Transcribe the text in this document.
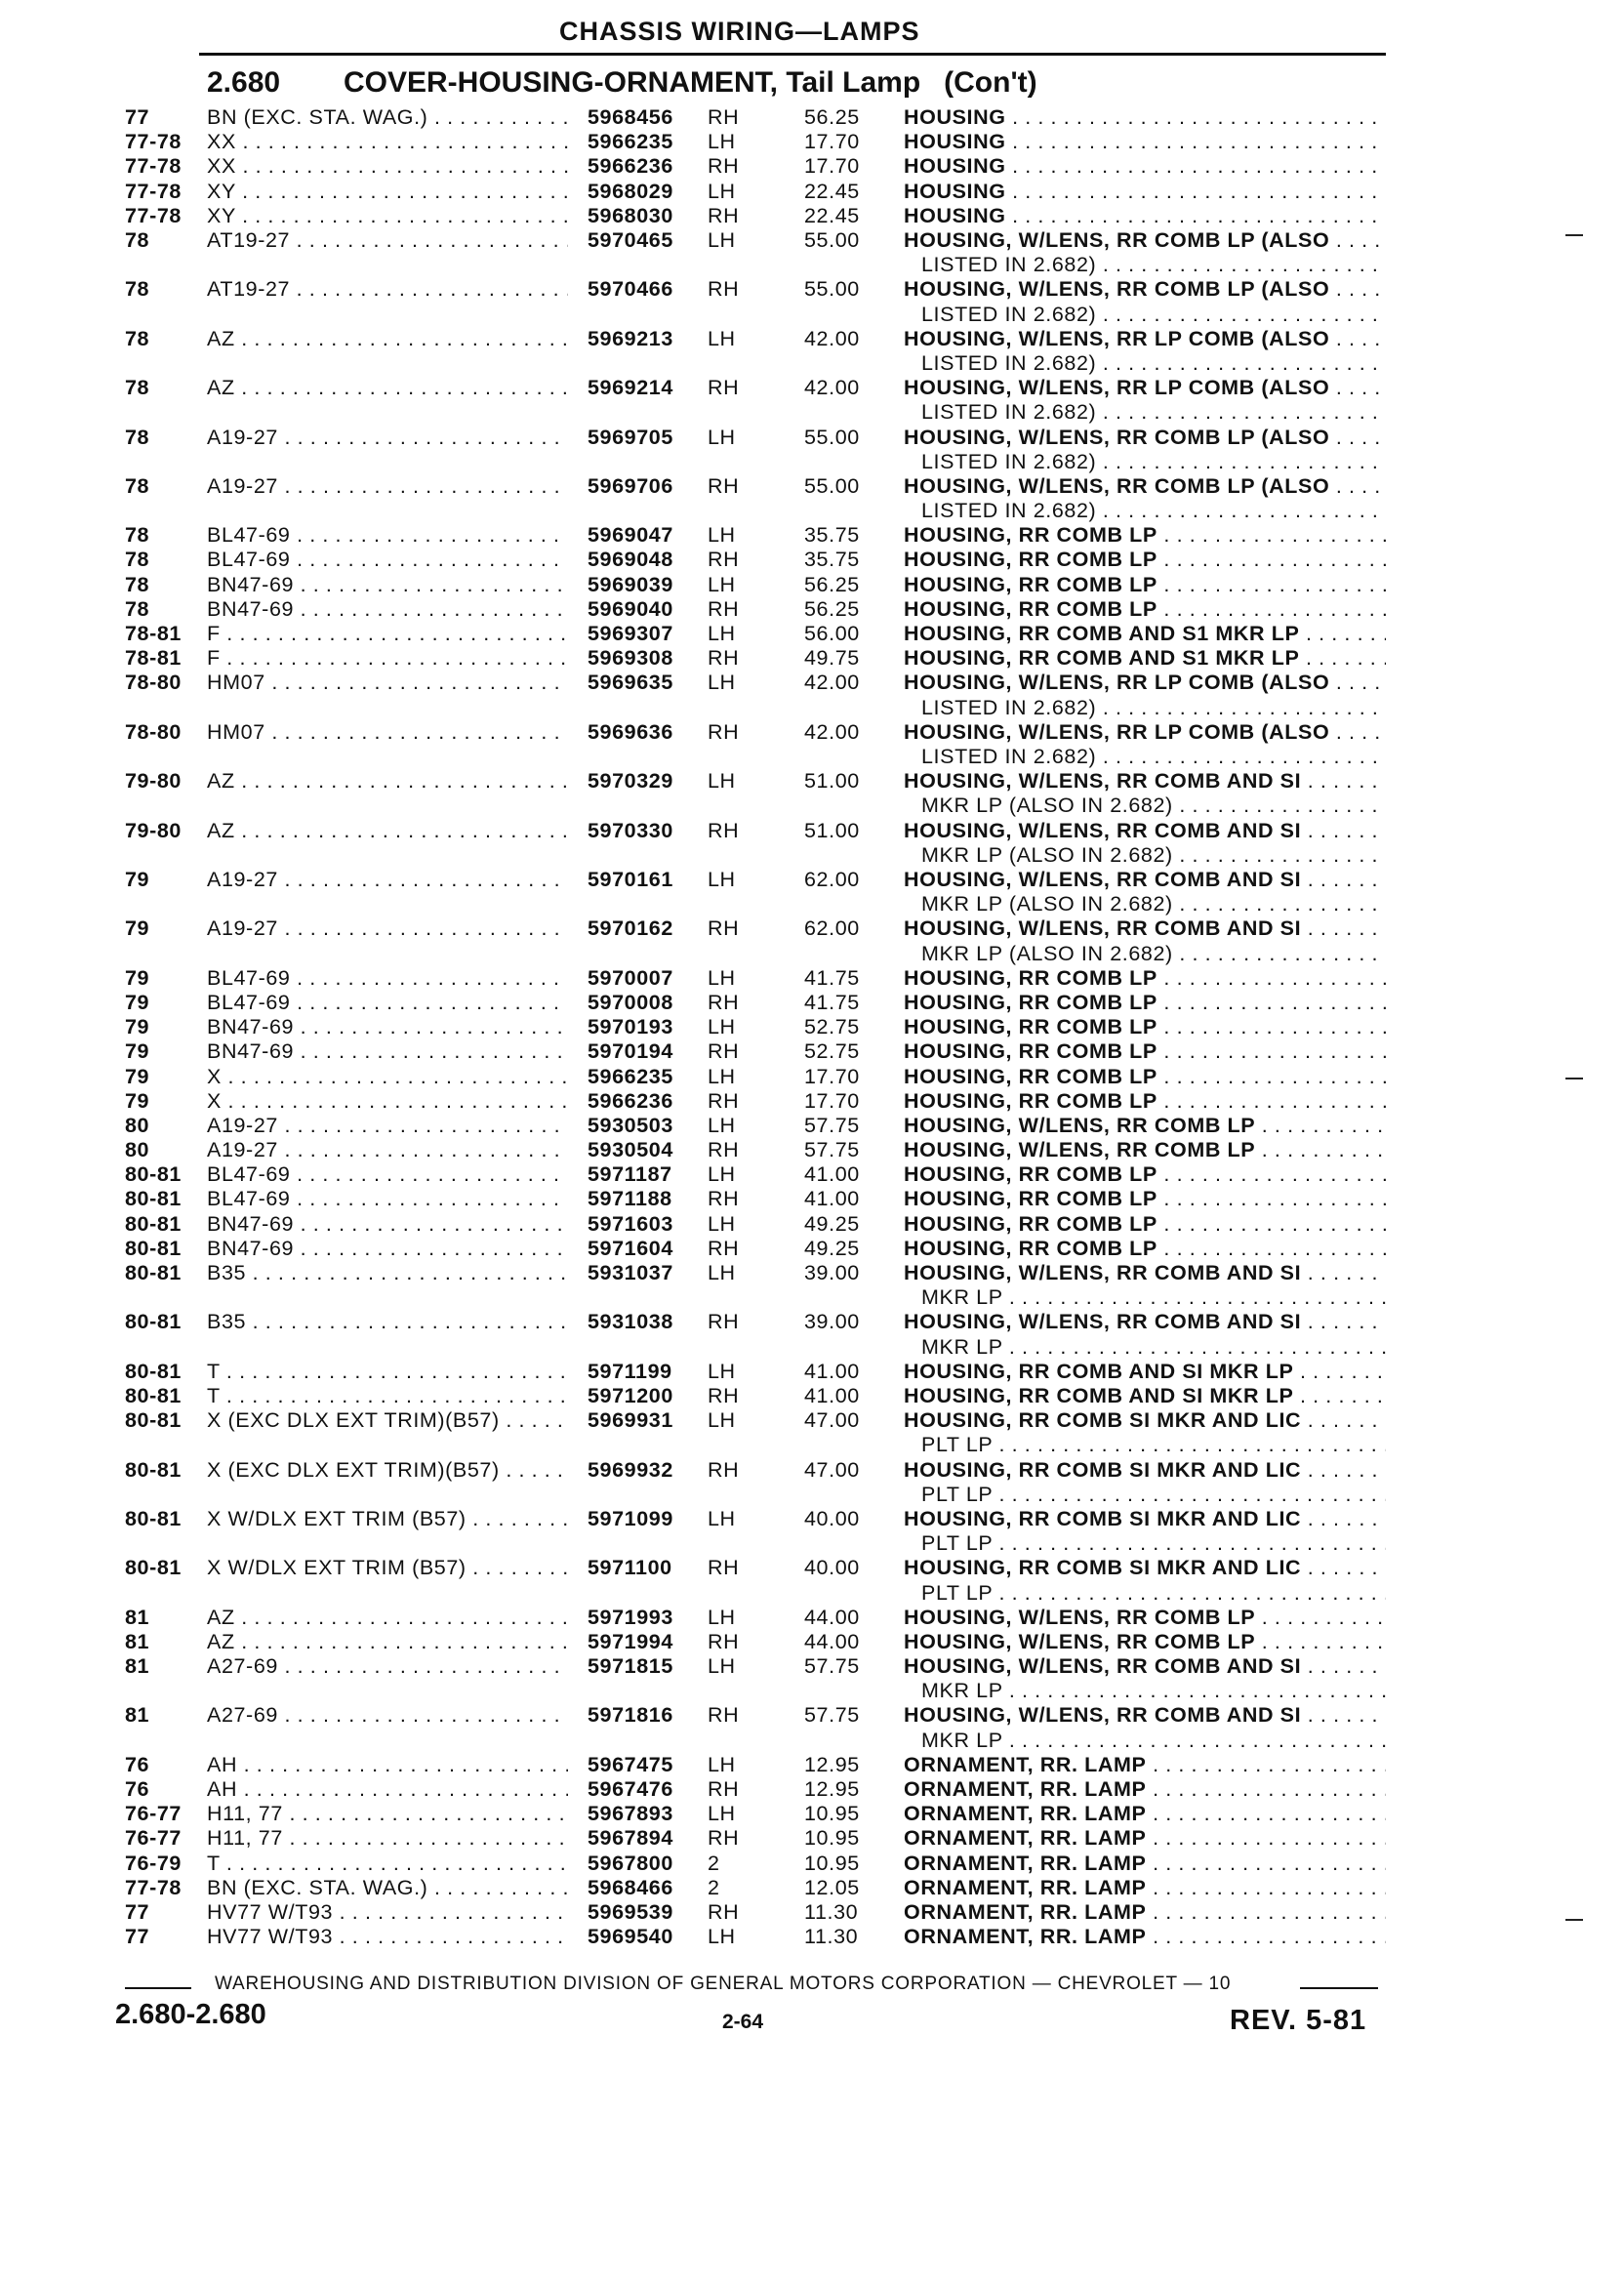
CHASSIS WIRING—LAMPS
2.680 COVER-HOUSING-ORNAMENT, Tail Lamp (Con't)
77	BN (EXC. STA. WAG.) . . .	5968456 RH	56.25 HOUSING . . .
77-78 XX . . .	5966235 LH	17.70 HOUSING . . .
77-78 XX . . .	5966236 RH	17.70 HOUSING . . .
77-78 XY . . .	5968029 LH	22.45 HOUSING . . .
77-78 XY . . .	5968030 RH	22.45 HOUSING . . .
78	AT19-27 . . .	5970465 LH	55.00 HOUSING, W/LENS, RR COMB LP (ALSO . . .
LISTED IN 2.682) . . .
78	AT19-27 . . .	5970466 RH	55.00 HOUSING, W/LENS, RR COMB LP (ALSO . . .
LISTED IN 2.682) . . .
78	AZ . . .	5969213 LH	42.00 HOUSING, W/LENS, RR LP COMB (ALSO . . .
LISTED IN 2.682) . . .
78	AZ . . .	5969214 RH	42.00 HOUSING, W/LENS, RR LP COMB (ALSO . . .
LISTED IN 2.682) . . .
78	A19-27 . . .	5969705 LH	55.00 HOUSING, W/LENS, RR COMB LP (ALSO . . .
LISTED IN 2.682) . . .
78	A19-27 . . .	5969706 RH	55.00 HOUSING, W/LENS, RR COMB LP (ALSO . . .
LISTED IN 2.682) . . .
78	BL47-69 . . .	5969047 LH	35.75 HOUSING, RR COMB LP . . .
78	BL47-69 . . .	5969048 RH	35.75 HOUSING, RR COMB LP . . .
78	BN47-69 . . .	5969039 LH	56.25 HOUSING, RR COMB LP . . .
78	BN47-69 . . .	5969040 RH	56.25 HOUSING, RR COMB LP . . .
78-81 F . . .	5969307 LH	56.00 HOUSING, RR COMB AND S1 MKR LP . . .
78-81 F . . .	5969308 RH	49.75 HOUSING, RR COMB AND S1 MKR LP . . .
78-80 HM07 . . .	5969635 LH	42.00 HOUSING, W/LENS, RR LP COMB (ALSO . . .
LISTED IN 2.682) . . .
78-80 HM07 . . .	5969636 RH	42.00 HOUSING, W/LENS, RR LP COMB (ALSO . . .
LISTED IN 2.682) . . .
79-80 AZ . . .	5970329 LH	51.00 HOUSING, W/LENS, RR COMB AND SI . . .
MKR LP (ALSO IN 2.682) . . .
79-80 AZ . . .	5970330 RH	51.00 HOUSING, W/LENS, RR COMB AND SI . . .
MKR LP (ALSO IN 2.682) . . .
79	A19-27 . . .	5970161 LH	62.00 HOUSING, W/LENS, RR COMB AND SI . . .
MKR LP (ALSO IN 2.682) . . .
79	A19-27 . . .	5970162 RH	62.00 HOUSING, W/LENS, RR COMB AND SI . . .
MKR LP (ALSO IN 2.682) . . .
79	BL47-69 . . .	5970007 LH	41.75 HOUSING, RR COMB LP . . .
79	BL47-69 . . .	5970008 RH	41.75 HOUSING, RR COMB LP . . .
79	BN47-69 . . .	5970193 LH	52.75 HOUSING, RR COMB LP . . .
79	BN47-69 . . .	5970194 RH	52.75 HOUSING, RR COMB LP . . .
79	X . . .	5966235 LH	17.70 HOUSING, RR COMB LP . . .
79	X . . .	5966236 RH	17.70 HOUSING, RR COMB LP . . .
80	A19-27 . . .	5930503 LH	57.75 HOUSING, W/LENS, RR COMB LP . . .
80	A19-27 . . .	5930504 RH	57.75 HOUSING, W/LENS, RR COMB LP . . .
80-81 BL47-69 . . .	5971187 LH	41.00 HOUSING, RR COMB LP . . .
80-81 BL47-69 . . .	5971188 RH	41.00 HOUSING, RR COMB LP . . .
80-81 BN47-69 . . .	5971603 LH	49.25 HOUSING, RR COMB LP . . .
80-81 BN47-69 . . .	5971604 RH	49.25 HOUSING, RR COMB LP . . .
80-81 B35 . . .	5931037 LH	39.00 HOUSING, W/LENS, RR COMB AND SI . . .
MKR LP . . .
80-81 B35 . . .	5931038 RH	39.00 HOUSING, W/LENS, RR COMB AND SI . . .
MKR LP . . .
80-81 T . . .	5971199 LH	41.00 HOUSING, RR COMB AND SI MKR LP . . .
80-81 T . . .	5971200 RH	41.00 HOUSING, RR COMB AND SI MKR LP . . .
80-81 X (EXC DLX EXT TRIM)(B57) . . .	5969931 LH	47.00 HOUSING, RR COMB SI MKR AND LIC . . .
PLT LP . . .
80-81 X (EXC DLX EXT TRIM)(B57) . . .	5969932 RH	47.00 HOUSING, RR COMB SI MKR AND LIC . . .
PLT LP . . .
80-81 X W/DLX EXT TRIM (B57) . . .	5971099 LH	40.00 HOUSING, RR COMB SI MKR AND LIC . . .
PLT LP . . .
80-81 X W/DLX EXT TRIM (B57) . . .	5971100 RH	40.00 HOUSING, RR COMB SI MKR AND LIC . . .
PLT LP . . .
81	AZ . . .	5971993 LH	44.00 HOUSING, W/LENS, RR COMB LP . . .
81	AZ . . .	5971994 RH	44.00 HOUSING, W/LENS, RR COMB LP . . .
81	A27-69 . . .	5971815 LH	57.75 HOUSING, W/LENS, RR COMB AND SI . . .
MKR LP . . .
81	A27-69 . . .	5971816 RH	57.75 HOUSING, W/LENS, RR COMB AND SI . . .
MKR LP . . .
76	AH . . .	5967475 LH	12.95 ORNAMENT, RR. LAMP . . .
76	AH . . .	5967476 RH	12.95 ORNAMENT, RR. LAMP . . .
76-77 H11, 77 . . .	5967893 LH	10.95 ORNAMENT, RR. LAMP . . .
76-77 H11, 77 . . .	5967894 RH	10.95 ORNAMENT, RR. LAMP . . .
76-79 T . . .	5967800 2	10.95 ORNAMENT, RR. LAMP . . .
77-78 BN (EXC. STA. WAG.) . . .	5968466 2	12.05 ORNAMENT, RR. LAMP . . .
77	HV77 W/T93 . . .	5969539 RH	11.30 ORNAMENT, RR. LAMP . . .
77	HV77 W/T93 . . .	5969540 LH	11.30 ORNAMENT, RR. LAMP . . .
WAREHOUSING AND DISTRIBUTION DIVISION OF GENERAL MOTORS CORPORATION — CHEVROLET — 10
2.680-2.680	2-64	REV. 5-81
